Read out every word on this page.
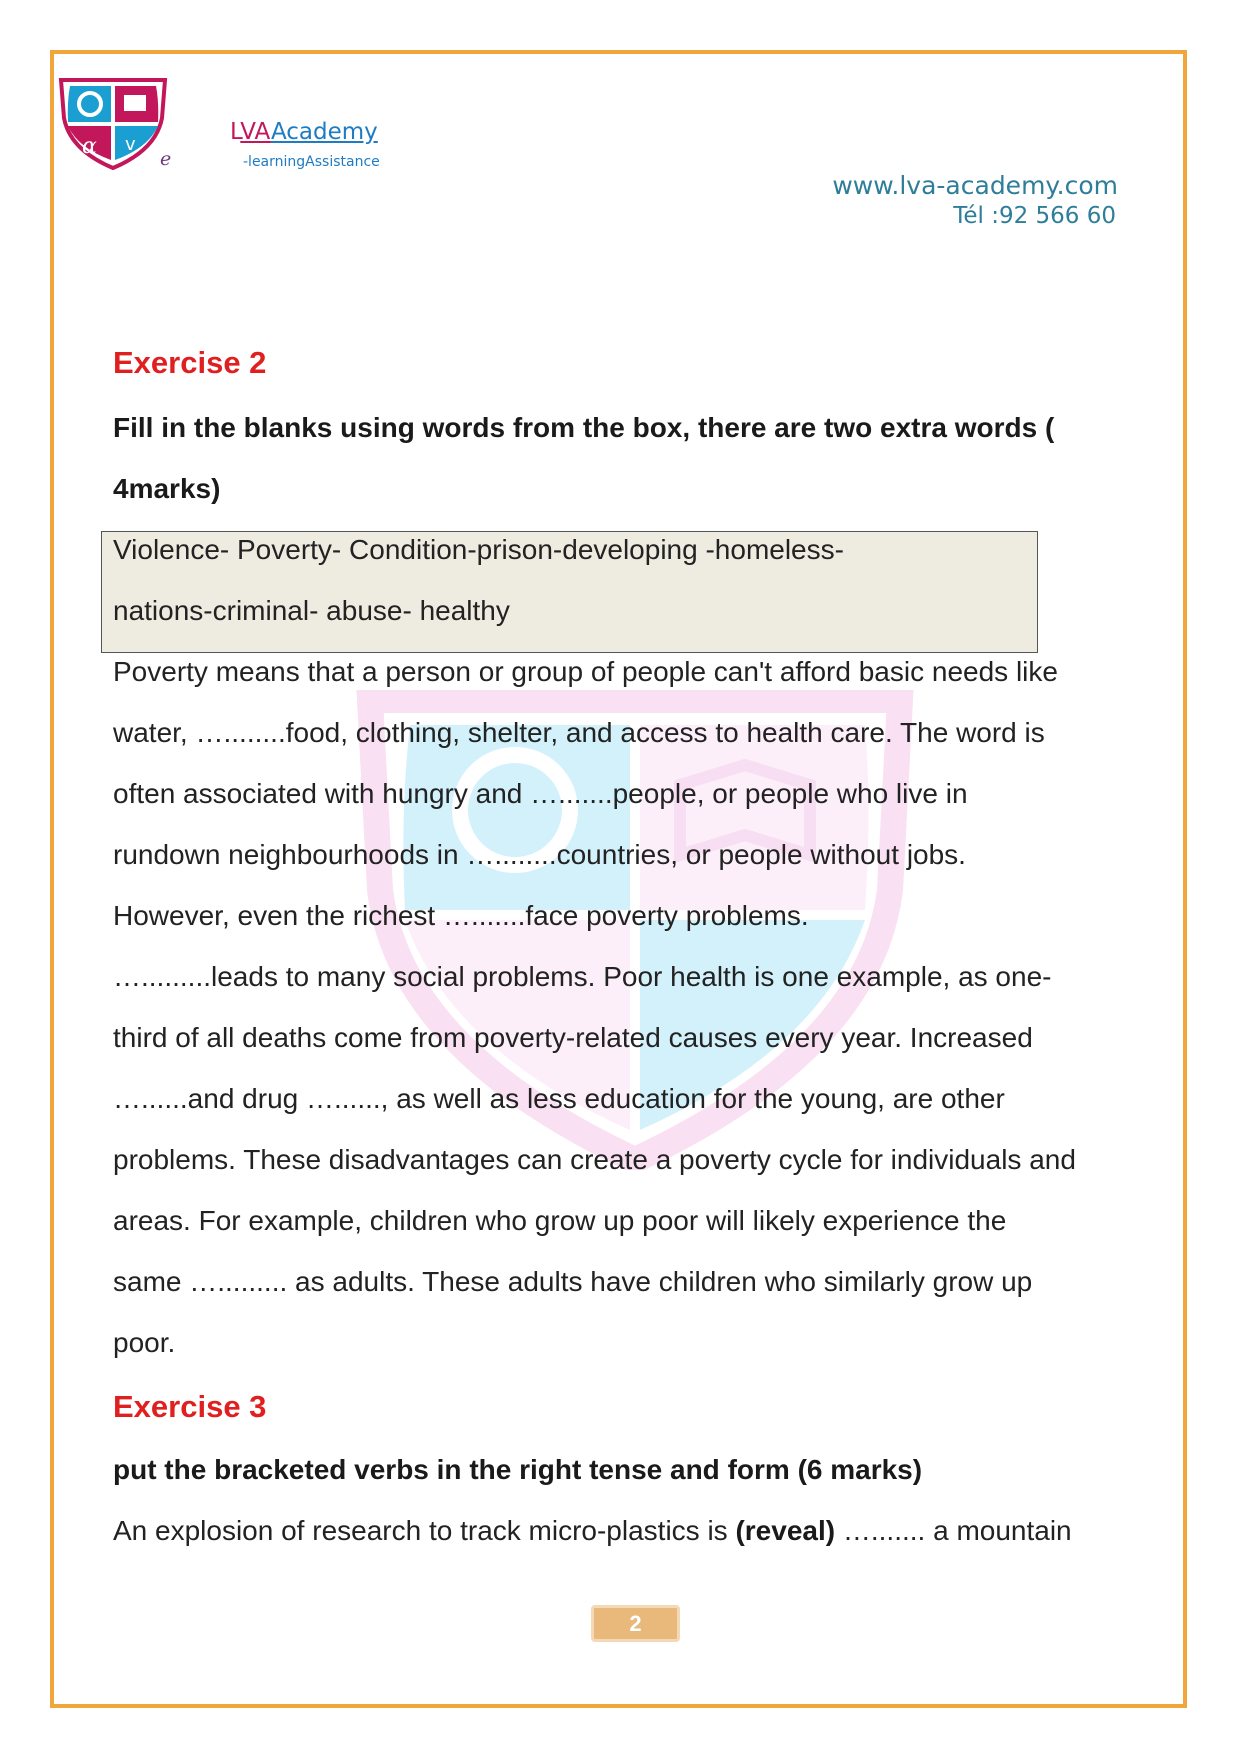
α v
e
LVAAcademy
-learningAssistance
www.lva-academy.com
Tél :92 566 60
Exercise 2
Fill in the blanks using words from the box, there are two extra words (
4marks)
Violence- Poverty- Condition-prison-developing -homeless-
nations-criminal- abuse- healthy
Poverty means that a person or group of people can't afford basic needs like
water, …........food, clothing, shelter, and access to health care. The word is
often associated with hungry and ….......people, or people who live in
rundown neighbourhoods in …........countries, or people without jobs.
However, even the richest ….......face poverty problems.
….........leads to many social problems. Poor health is one example, as one-
third of all deaths come from poverty-related causes every year. Increased
…......and drug …......, as well as less education for the young, are other
problems. These disadvantages can create a poverty cycle for individuals and
areas. For example, children who grow up poor will likely experience the
same …......... as adults. These adults have children who similarly grow up
poor.
Exercise 3
put the bracketed verbs in the right tense and form (6 marks)
An explosion of research to track micro-plastics is (reveal) …....... a mountain
2
